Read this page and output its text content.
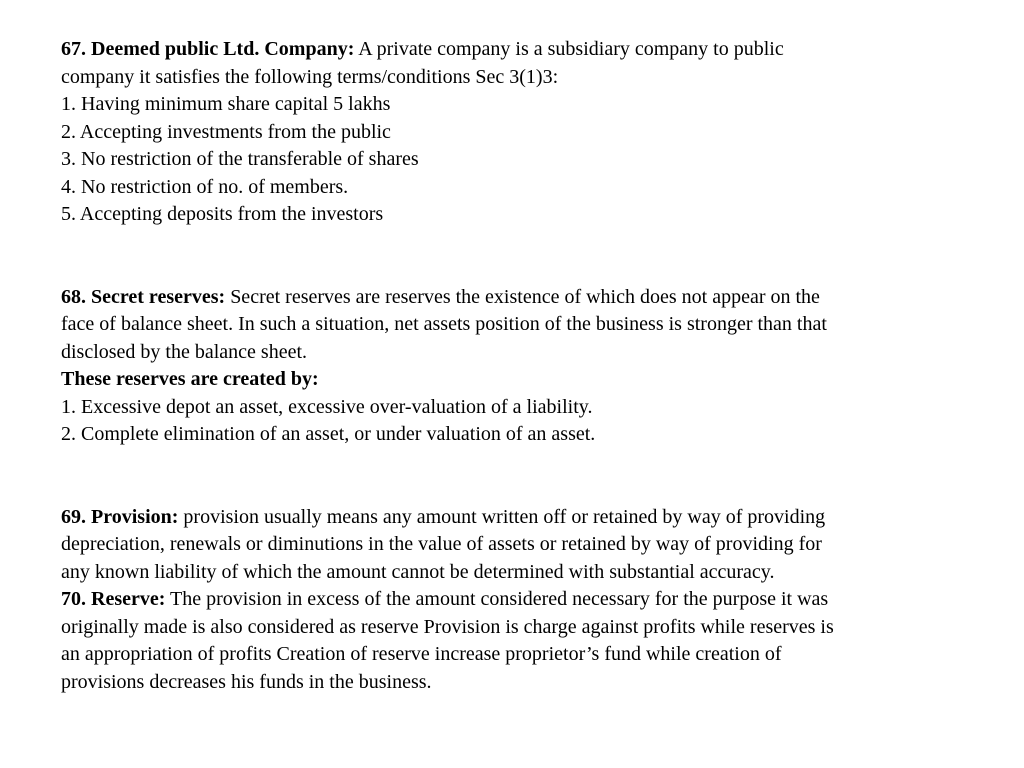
67. Deemed public Ltd. Company: A private company is a subsidiary company to public
company it satisfies the following terms/conditions Sec 3(1)3:
1. Having minimum share capital 5 lakhs
2. Accepting investments from the public
3. No restriction of the transferable of shares
4. No restriction of no. of members.
5. Accepting deposits from the investors
68. Secret reserves: Secret reserves are reserves the existence of which does not appear on the
face of balance sheet. In such a situation, net assets position of the business is stronger than that
disclosed by the balance sheet.
These reserves are created by:
1. Excessive depot an asset, excessive over-valuation of a liability.
2. Complete elimination of an asset, or under valuation of an asset.
69. Provision: provision usually means any amount written off or retained by way of providing
depreciation, renewals or diminutions in the value of assets or retained by way of providing for
any known liability of which the amount cannot be determined with substantial accuracy.
70. Reserve: The provision in excess of the amount considered necessary for the purpose it was
originally made is also considered as reserve Provision is charge against profits while reserves is
an appropriation of profits Creation of reserve increase proprietor’s fund while creation of
provisions decreases his funds in the business.
